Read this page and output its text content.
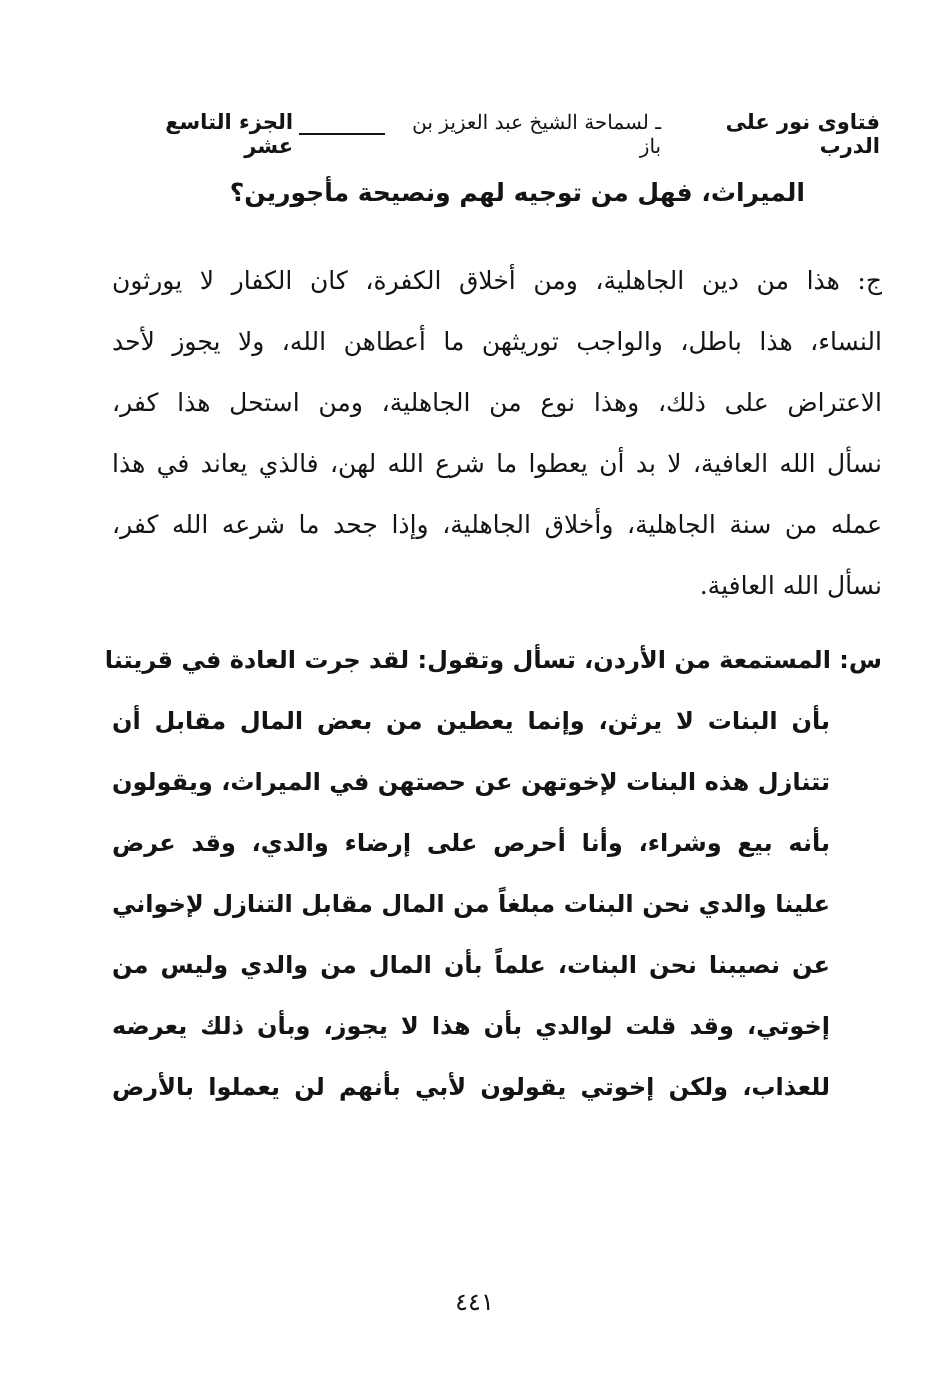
فتاوى نور على الدرب
ـ لسماحة الشيخ عبد العزيز بن باز
الجزء التاسع عشر
الميراث، فهل من توجيه لهم ونصيحة مأجورين؟
ج: هذا من دين الجاهلية، ومن أخلاق الكفرة، كان الكفار لا يورثون
النساء، هذا باطل، والواجب توريثهن ما أعطاهن الله، ولا يجوز لأحد
الاعتراض على ذلك، وهذا نوع من الجاهلية، ومن استحل هذا كفر،
نسأل الله العافية، لا بد أن يعطوا ما شرع الله لهن، فالذي يعاند في هذا
عمله من سنة الجاهلية، وأخلاق الجاهلية، وإذا جحد ما شرعه الله كفر،
نسأل الله العافية.
س: المستمعة من الأردن، تسأل وتقول: لقد جرت العادة في قريتنا
بأن البنات لا يرثن، وإنما يعطين من بعض المال مقابل أن
تتنازل هذه البنات لإخوتهن عن حصتهن في الميراث، ويقولون
بأنه بيع وشراء، وأنا أحرص على إرضاء والدي، وقد عرض
علينا والدي نحن البنات مبلغاً من المال مقابل التنازل لإخواني
عن نصيبنا نحن البنات، علماً بأن المال من والدي وليس من
إخوتي، وقد قلت لوالدي بأن هذا لا يجوز، وبأن ذلك يعرضه
للعذاب، ولكن إخوتي يقولون لأبي بأنهم لن يعملوا بالأرض
٤٤١
